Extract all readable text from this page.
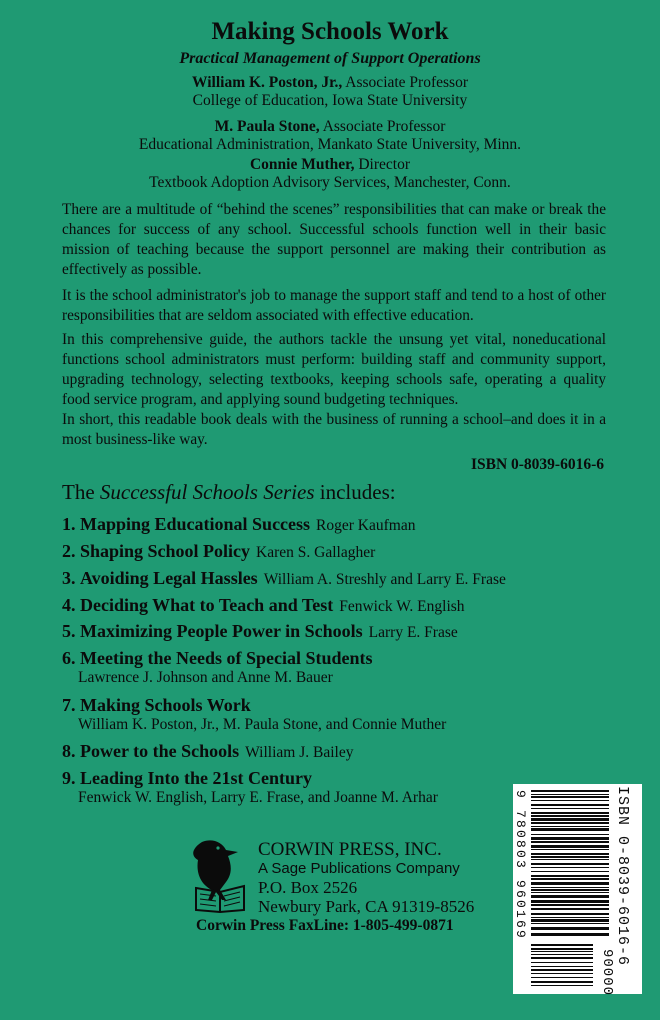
Making Schools Work
Practical Management of Support Operations
William K. Poston, Jr., Associate Professor
College of Education, Iowa State University
M. Paula Stone, Associate Professor
Educational Administration, Mankato State University, Minn.
Connie Muther, Director
Textbook Adoption Advisory Services, Manchester, Conn.
There are a multitude of “behind the scenes” responsibilities that can make or break the chances for success of any school. Successful schools function well in their basic mission of teaching because the support personnel are making their contribution as effectively as possible.
It is the school administrator's job to manage the support staff and tend to a host of other responsibilities that are seldom associated with effective education.
In this comprehensive guide, the authors tackle the unsung yet vital, noneducational functions school administrators must perform: building staff and community support, upgrading technology, selecting textbooks, keeping schools safe, operating a quality food service program, and applying sound budgeting techniques.
In short, this readable book deals with the business of running a school–and does it in a most business-like way.
ISBN 0-8039-6016-6
The Successful Schools Series includes:
1. Mapping Educational Success Roger Kaufman
2. Shaping School Policy Karen S. Gallagher
3. Avoiding Legal Hassles William A. Streshly and Larry E. Frase
4. Deciding What to Teach and Test Fenwick W. English
5. Maximizing People Power in Schools Larry E. Frase
6. Meeting the Needs of Special Students
Lawrence J. Johnson and Anne M. Bauer
7. Making Schools Work
William K. Poston, Jr., M. Paula Stone, and Connie Muther
8. Power to the Schools William J. Bailey
9. Leading Into the 21st Century
Fenwick W. English, Larry E. Frase, and Joanne M. Arhar
CORWIN PRESS, INC.
A Sage Publications Company
P.O. Box 2526
Newbury Park, CA 91319-8526
Corwin Press FaxLine: 1-805-499-0871	9 780803 960169	ISBN 0-8039-6016-6
90000
